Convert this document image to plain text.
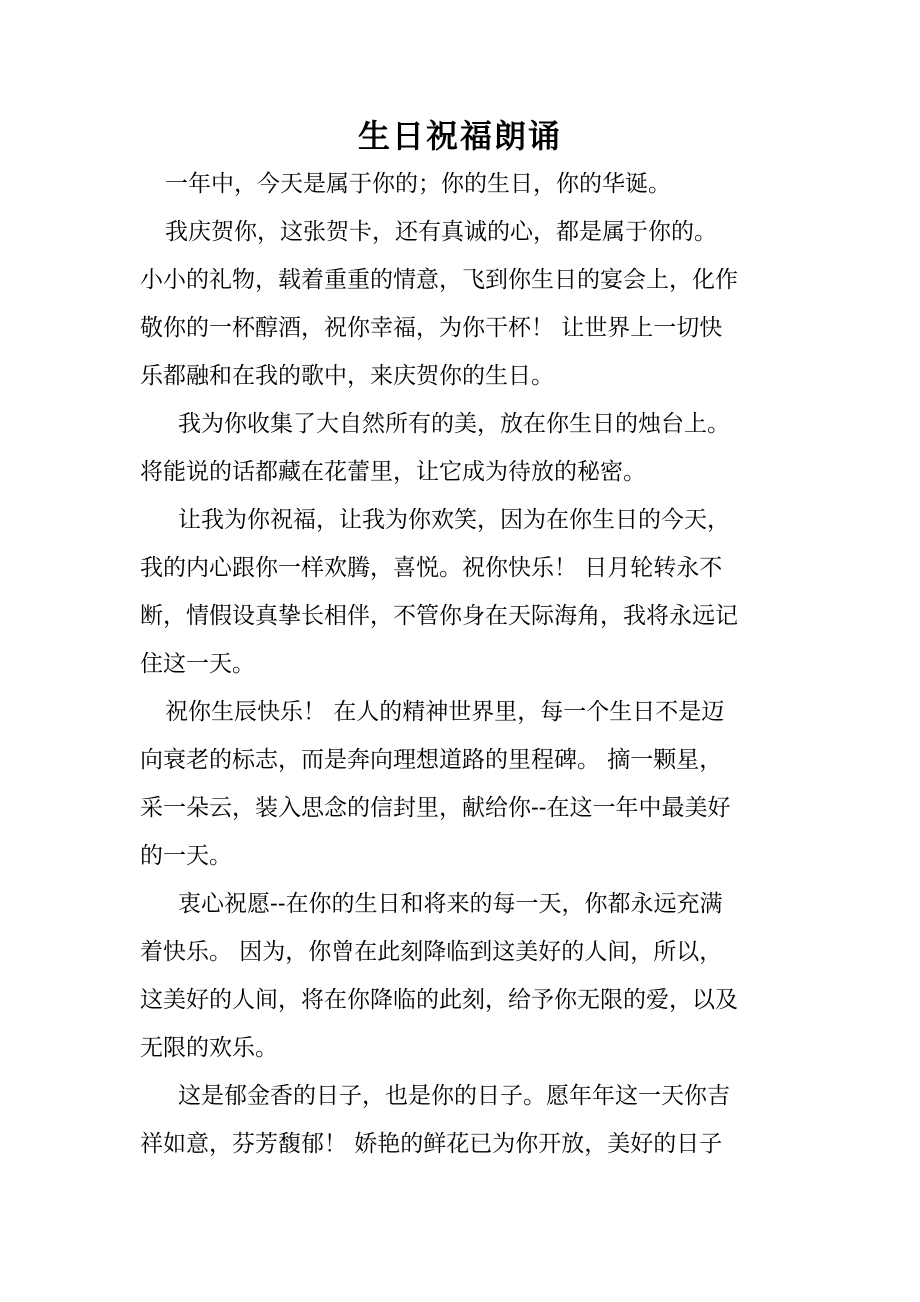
生日祝福朗诵
一年中，今天是属于你的；你的生日，你的华诞。
我庆贺你，这张贺卡，还有真诚的心，都是属于你的。
小小的礼物，载着重重的情意，飞到你生日的宴会上，化作
敬你的一杯醇酒，祝你幸福，为你干杯！ 让世界上一切快
乐都融和在我的歌中，来庆贺你的生日。
我为你收集了大自然所有的美，放在你生日的烛台上。
将能说的话都藏在花蕾里，让它成为待放的秘密。
让我为你祝福，让我为你欢笑，因为在你生日的今天，
我的内心跟你一样欢腾，喜悦。祝你快乐！ 日月轮转永不
断，情假设真挚长相伴，不管你身在天际海角，我将永远记
住这一天。
祝你生辰快乐！ 在人的精神世界里，每一个生日不是迈
向衰老的标志，而是奔向理想道路的里程碑。 摘一颗星，
采一朵云，装入思念的信封里，献给你--在这一年中最美好
的一天。
衷心祝愿--在你的生日和将来的每一天，你都永远充满
着快乐。 因为，你曾在此刻降临到这美好的人间，所以，
这美好的人间，将在你降临的此刻，给予你无限的爱，以及
无限的欢乐。
这是郁金香的日子，也是你的日子。愿年年这一天你吉
祥如意，芬芳馥郁！ 娇艳的鲜花已为你开放，美好的日子
